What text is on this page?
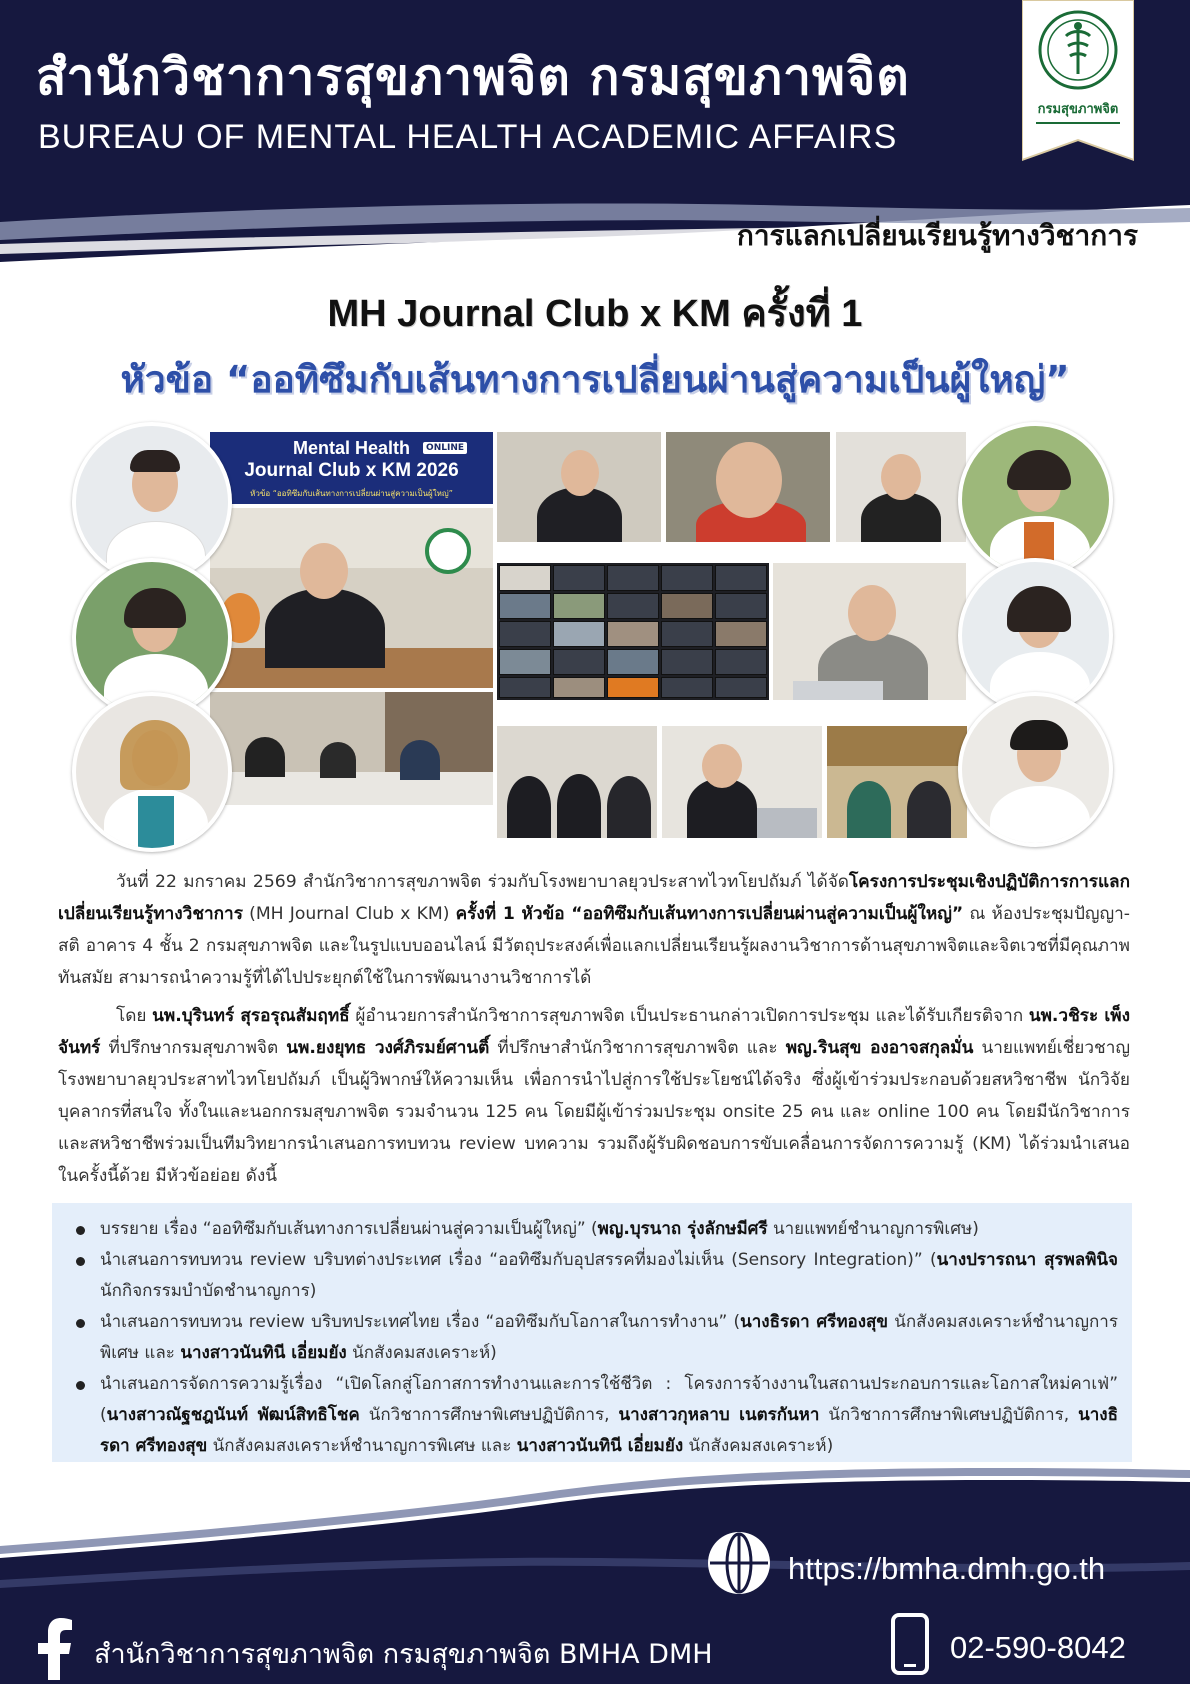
สำนักวิชาการสุขภาพจิต กรมสุขภาพจิต
BUREAU OF MENTAL HEALTH ACADEMIC AFFAIRS
กรมสุขภาพจิต
การแลกเปลี่ยนเรียนรู้ทางวิชาการ
MH Journal Club x KM ครั้งที่ 1
หัวข้อ “ออทิซึมกับเส้นทางการเปลี่ยนผ่านสู่ความเป็นผู้ใหญ่”
ONLINE
Mental Health
Journal Club x KM 2026
หัวข้อ “ออทิซึมกับเส้นทางการเปลี่ยนผ่านสู่ความเป็นผู้ใหญ่”
วันที่ 22 มกราคม 2569 สำนักวิชาการสุขภาพจิต ร่วมกับโรงพยาบาลยุวประสาทไวทโยปถัมภ์ ได้จัดโครงการประชุมเชิงปฏิบัติการการแลกเปลี่ยนเรียนรู้ทางวิชาการ (MH Journal Club x KM) ครั้งที่ 1 หัวข้อ “ออทิซึมกับเส้นทางการเปลี่ยนผ่านสู่ความเป็นผู้ใหญ่” ณ ห้องประชุมปัญญา-สติ อาคาร 4 ชั้น 2 กรมสุขภาพจิต และในรูปแบบออนไลน์ มีวัตถุประสงค์เพื่อแลกเปลี่ยนเรียนรู้ผลงานวิชาการด้านสุขภาพจิตและจิตเวชที่มีคุณภาพ ทันสมัย สามารถนำความรู้ที่ได้ไปประยุกต์ใช้ในการพัฒนางานวิชาการได้
โดย นพ.บุรินทร์ สุรอรุณสัมฤทธิ์ ผู้อำนวยการสำนักวิชาการสุขภาพจิต เป็นประธานกล่าวเปิดการประชุม และได้รับเกียรติจาก นพ.วชิระ เพ็งจันทร์ ที่ปรึกษากรมสุขภาพจิต นพ.ยงยุทธ วงศ์ภิรมย์ศานติ์ ที่ปรึกษาสำนักวิชาการสุขภาพจิต และ พญ.รินสุข องอาจสกุลมั่น นายแพทย์เชี่ยวชาญ โรงพยาบาลยุวประสาทไวทโยปถัมภ์ เป็นผู้วิพากษ์ให้ความเห็น เพื่อการนำไปสู่การใช้ประโยชน์ได้จริง ซึ่งผู้เข้าร่วมประกอบด้วยสหวิชาชีพ นักวิจัย บุคลากรที่สนใจ ทั้งในและนอกกรมสุขภาพจิต รวมจำนวน 125 คน โดยมีผู้เข้าร่วมประชุม onsite 25 คน และ online 100 คน โดยมีนักวิชาการและสหวิชาชีพร่วมเป็นทีมวิทยากรนำเสนอการทบทวน review บทความ รวมถึงผู้รับผิดชอบการขับเคลื่อนการจัดการความรู้ (KM) ได้ร่วมนำเสนอในครั้งนี้ด้วย มีหัวข้อย่อย ดังนี้
บรรยาย เรื่อง “ออทิซึมกับเส้นทางการเปลี่ยนผ่านสู่ความเป็นผู้ใหญ่” (พญ.บุรนาถ รุ่งลักษมีศรี นายแพทย์ชำนาญการพิเศษ)
นำเสนอการทบทวน review บริบทต่างประเทศ เรื่อง “ออทิซึมกับอุปสรรคที่มองไม่เห็น (Sensory Integration)” (นางปรารถนา สุรพลพินิจ นักกิจกรรมบำบัดชำนาญการ)
นำเสนอการทบทวน review บริบทประเทศไทย เรื่อง “ออทิซึมกับโอกาสในการทำงาน” (นางธิรดา ศรีทองสุข นักสังคมสงเคราะห์ชำนาญการพิเศษ และ นางสาวนันทินี เอี่ยมยัง นักสังคมสงเคราะห์)
นำเสนอการจัดการความรู้เรื่อง “เปิดโลกสู่โอกาสการทำงานและการใช้ชีวิต : โครงการจ้างงานในสถานประกอบการและโอกาสใหม่คาเฟ่” (นางสาวณัฐชฎนันท์ พัฒน์สิทธิโชค นักวิชาการศึกษาพิเศษปฏิบัติการ, นางสาวกุหลาบ เนตรกันหา นักวิชาการศึกษาพิเศษปฏิบัติการ, นางธิรดา ศรีทองสุข นักสังคมสงเคราะห์ชำนาญการพิเศษ และ นางสาวนันทินี เอี่ยมยัง นักสังคมสงเคราะห์)
https://bmha.dmh.go.th
สำนักวิชาการสุขภาพจิต กรมสุขภาพจิต BMHA DMH	02-590-8042
